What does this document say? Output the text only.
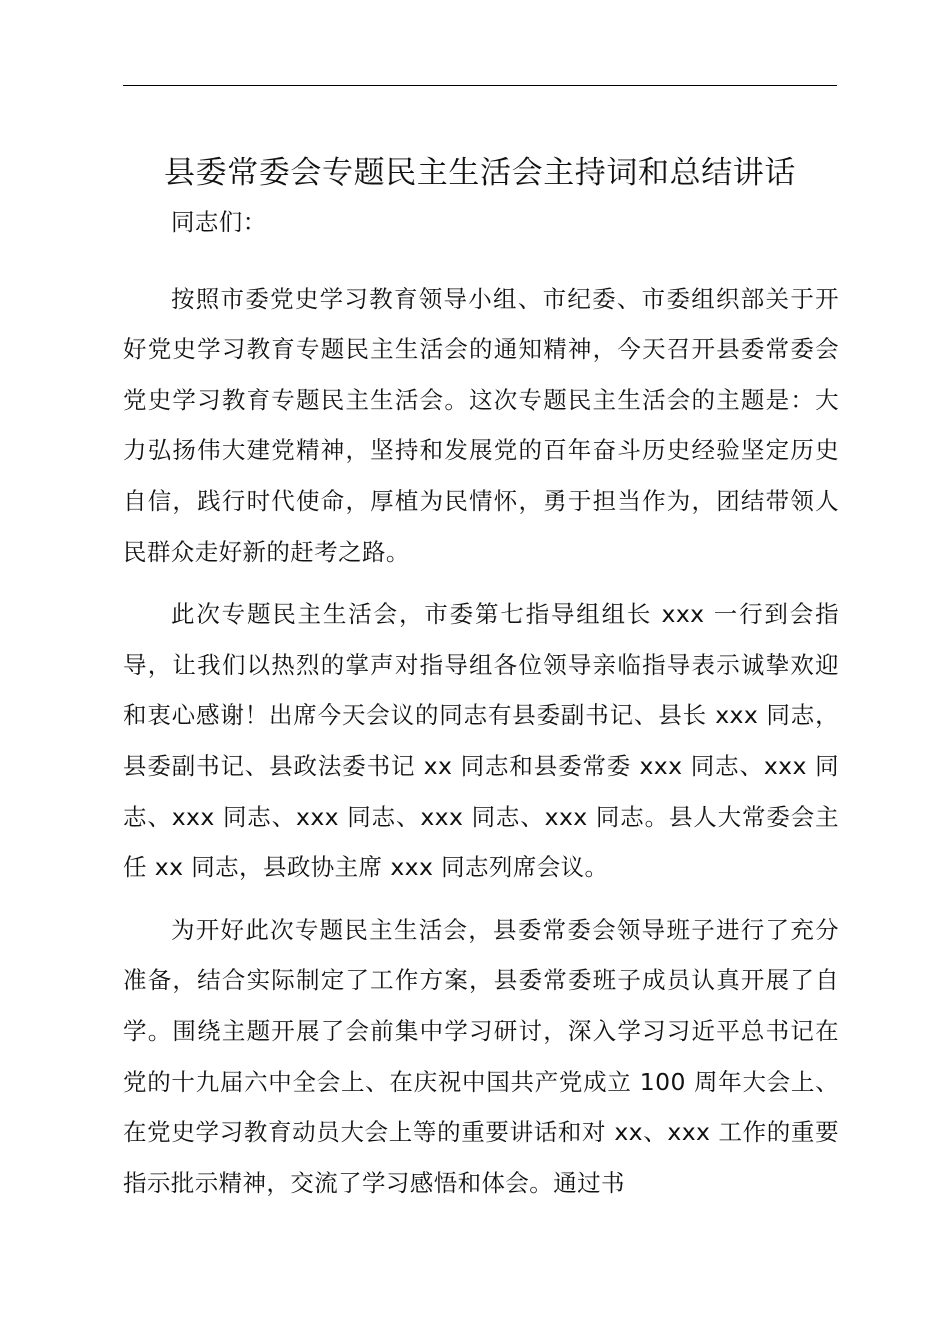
县委常委会专题民主生活会主持词和总结讲话

同志们：

按照市委党史学习教育领导小组、市纪委、市委组织部关于开好党史学习教育专题民主生活会的通知精神，今天召开县委常委会党史学习教育专题民主生活会。这次专题民主生活会的主题是：大力弘扬伟大建党精神，坚持和发展党的百年奋斗历史经验坚定历史自信，践行时代使命，厚植为民情怀，勇于担当作为，团结带领人民群众走好新的赶考之路。

此次专题民主生活会，市委第七指导组组长 xxx 一行到会指导，让我们以热烈的掌声对指导组各位领导亲临指导表示诚挚欢迎和衷心感谢！出席今天会议的同志有县委副书记、县长 xxx 同志，县委副书记、县政法委书记 xx 同志和县委常委 xxx 同志、xxx 同志、xxx 同志、xxx 同志、xxx 同志、xxx 同志。县人大常委会主任 xx 同志，县政协主席 xxx 同志列席会议。

为开好此次专题民主生活会，县委常委会领导班子进行了充分准备，结合实际制定了工作方案，县委常委班子成员认真开展了自学。围绕主题开展了会前集中学习研讨，深入学习习近平总书记在党的十九届六中全会上、在庆祝中国共产党成立 100 周年大会上、在党史学习教育动员大会上等的重要讲话和对 xx、xxx 工作的重要指示批示精神，交流了学习感悟和体会。通过书
